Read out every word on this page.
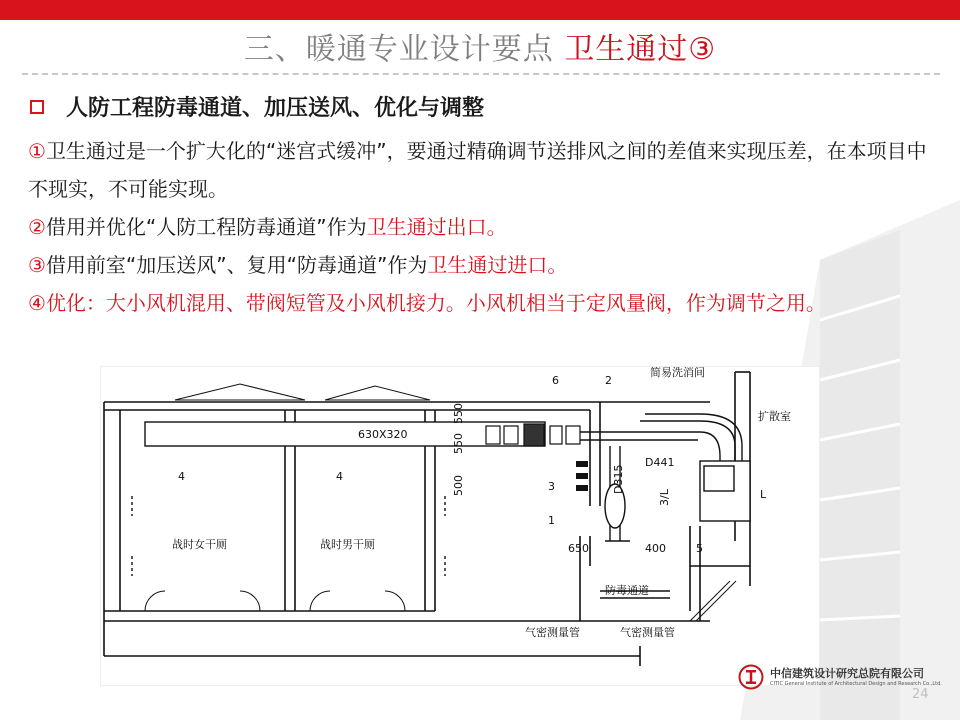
三、暖通专业设计要点 卫生通过③
人防工程防毒通道、加压送风、优化与调整
①卫生通过是一个扩大化的“迷宫式缓冲”，要通过精确调节送排风之间的差值来实现压差，在本项目中不现实，不可能实现。
②借用并优化“人防工程防毒通道”作为卫生通过出口。
③借用前室“加压送风”、复用“防毒通道”作为卫生通过进口。
④优化：大小风机混用、带阀短管及小风机接力。小风机相当于定风量阀，作为调节之用。
630X320
战时女干厕	战时男干厕
简易洗消间
扩散室
D441
D315
防毒通道
气密测量管	气密测量管
650	400
500
550
550
3/L	L
1
2
3
4	4
5
6
中信建筑设计研究总院有限公司
CITIC General Institute of Architectural Design and Research Co.,Ltd.
24
